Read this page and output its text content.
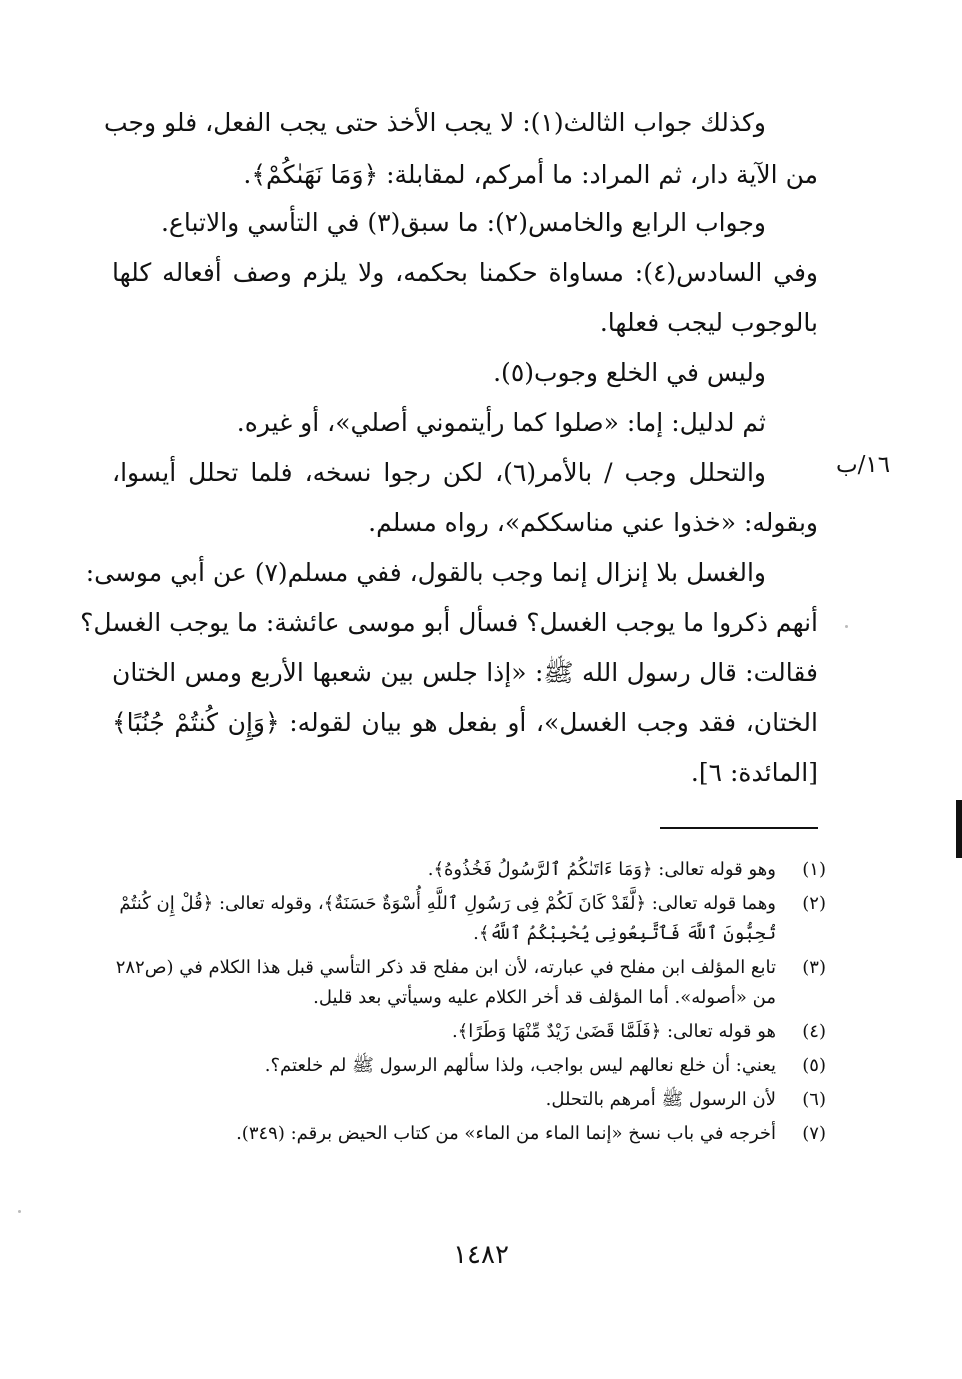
وكذلك جواب الثالث(١): لا يجب الأخذ حتى يجب الفعل، فلو وجب
من الآية دار، ثم المراد: ما أمركم، لمقابلة: ﴿وَمَا نَهَىٰكُمْ﴾.
وجواب الرابع والخامس(٢): ما سبق(٣) في التأسي والاتباع.
وفي السادس(٤): مساواة حكمنا بحكمه، ولا يلزم وصف أفعاله كلها
بالوجوب ليجب فعلها.
وليس في الخلع وجوب(٥).
ثم لدليل: إما: «صلوا كما رأيتموني أصلي»، أو غيره.
والتحلل وجب / بالأمر(٦)، لكن رجوا نسخه، فلما تحلل أيسوا،
وبقوله: «خذوا عني مناسككم»، رواه مسلم.
والغسل بلا إنزال إنما وجب بالقول، ففي مسلم(٧) عن أبي موسى:
أنهم ذكروا ما يوجب الغسل؟ فسأل أبو موسى عائشة: ما يوجب الغسل؟
فقالت: قال رسول الله ﷺ: «إذا جلس بين شعبها الأربع ومس الختان
الختان، فقد وجب الغسل»، أو بفعل هو بيان لقوله: ﴿وَإِن كُنتُمْ جُنُبًا﴾
[المائدة: ٦].
١٦/ب
(١)وهو قوله تعالى: ﴿وَمَا ءَاتَىٰكُمُ ٱلرَّسُولُ فَخُذُوهُ﴾.
(٢)وهما قوله تعالى: ﴿لَّقَدْ كَانَ لَكُمْ فِى رَسُولِ ٱللَّهِ أُسْوَةٌ حَسَنَةٌ﴾، وقوله تعالى: ﴿قُلْ إِن كُنتُمْ
تُحِبُّونَ ٱللَّهَ فَٱتَّبِعُونِى يُحْبِبْكُمُ ٱللَّهُ﴾.
(٣)تابع المؤلف ابن مفلح في عبارته، لأن ابن مفلح قد ذكر التأسي قبل هذا الكلام في (ص٢٨٢
من «أصوله». أما المؤلف قد أخر الكلام عليه وسيأتي بعد قليل.
(٤)هو قوله تعالى: ﴿فَلَمَّا قَضَىٰ زَيْدٌ مِّنْهَا وَطَرًا﴾.
(٥)يعني: أن خلع نعالهم ليس بواجب، ولذا سألهم الرسول ﷺ لم خلعتم؟.
(٦)لأن الرسول ﷺ أمرهم بالتحلل.
(٧)أخرجه في باب نسخ «إنما الماء من الماء» من كتاب الحيض برقم: (٣٤٩).
١٤٨٢
